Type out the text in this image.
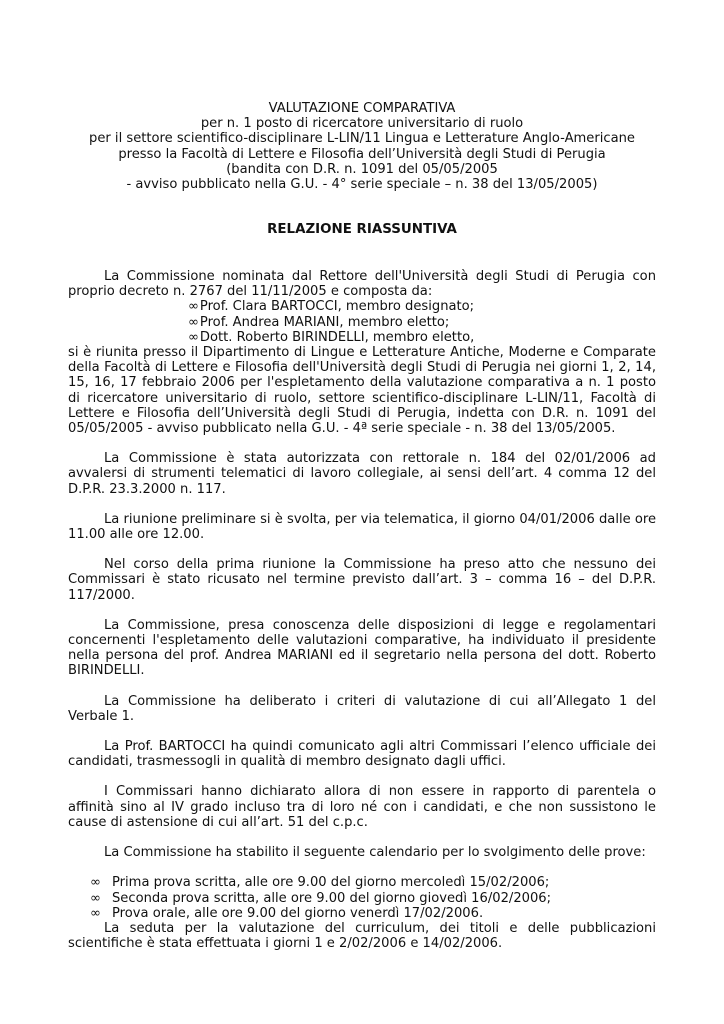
VALUTAZIONE COMPARATIVA
per n. 1 posto di ricercatore universitario di ruolo
per il settore scientifico-disciplinare L-LIN/11 Lingua e Letterature Anglo-Americane
presso la Facoltà di Lettere e Filosofia dell’Università degli Studi di Perugia
(bandita con D.R. n. 1091 del 05/05/2005
- avviso pubblicato nella G.U. - 4° serie speciale – n. 38 del 13/05/2005)
RELAZIONE RIASSUNTIVA

La Commissione nominata dal Rettore dell'Università degli Studi di Perugia con proprio decreto n. 2767 del 11/11/2005 e composta da:

∞Prof. Clara BARTOCCI, membro designato;
∞Prof. Andrea MARIANI, membro eletto;
∞Dott. Roberto BIRINDELLI, membro eletto,

si è riunita presso il Dipartimento di Lingue e Letterature Antiche, Moderne e Comparate della Facoltà di Lettere e Filosofia dell'Università degli Studi di Perugia nei giorni 1, 2, 14, 15, 16, 17 febbraio 2006 per l'espletamento della valutazione comparativa a n. 1 posto di ricercatore universitario di ruolo, settore scientifico-disciplinare L-LIN/11, Facoltà di Lettere e Filosofia dell’Università degli Studi di Perugia, indetta con D.R. n. 1091 del 05/05/2005 - avviso pubblicato nella G.U. - 4ª serie speciale - n. 38 del 13/05/2005.

La Commissione è stata autorizzata con rettorale n. 184 del 02/01/2006 ad avvalersi di strumenti telematici di lavoro collegiale, ai sensi dell’art. 4 comma 12 del D.P.R. 23.3.2000 n. 117.

La riunione preliminare si è svolta, per via telematica, il giorno 04/01/2006 dalle ore 11.00 alle ore 12.00.

Nel corso della prima riunione la Commissione ha preso atto che nessuno dei Commissari è stato ricusato nel termine previsto dall’art. 3 – comma 16 – del D.P.R. 117/2000.

La Commissione, presa conoscenza delle disposizioni di legge e regolamentari concernenti l'espletamento delle valutazioni comparative, ha individuato il presidente nella persona del prof. Andrea MARIANI ed il segretario nella persona del dott. Roberto BIRINDELLI.

La Commissione ha deliberato i criteri di valutazione di cui all’Allegato 1 del Verbale 1.

La Prof. BARTOCCI ha quindi comunicato agli altri Commissari l’elenco ufficiale dei candidati, trasmessogli in qualità di membro designato dagli uffici.

I Commissari hanno dichiarato allora di non essere in rapporto di parentela o affinità sino al IV grado incluso tra di loro né con i candidati, e che non sussistono le cause di astensione di cui all’art. 51 del c.p.c.

La Commissione ha stabilito il seguente calendario per lo svolgimento delle prove:

∞ Prima prova scritta, alle ore 9.00 del giorno mercoledì 15/02/2006;
∞ Seconda prova scritta, alle ore 9.00 del giorno giovedì 16/02/2006;
∞ Prova orale, alle ore 9.00 del giorno venerdì 17/02/2006.

La seduta per la valutazione del curriculum, dei titoli e delle pubblicazioni scientifiche è stata effettuata i giorni 1 e 2/02/2006 e 14/02/2006.
